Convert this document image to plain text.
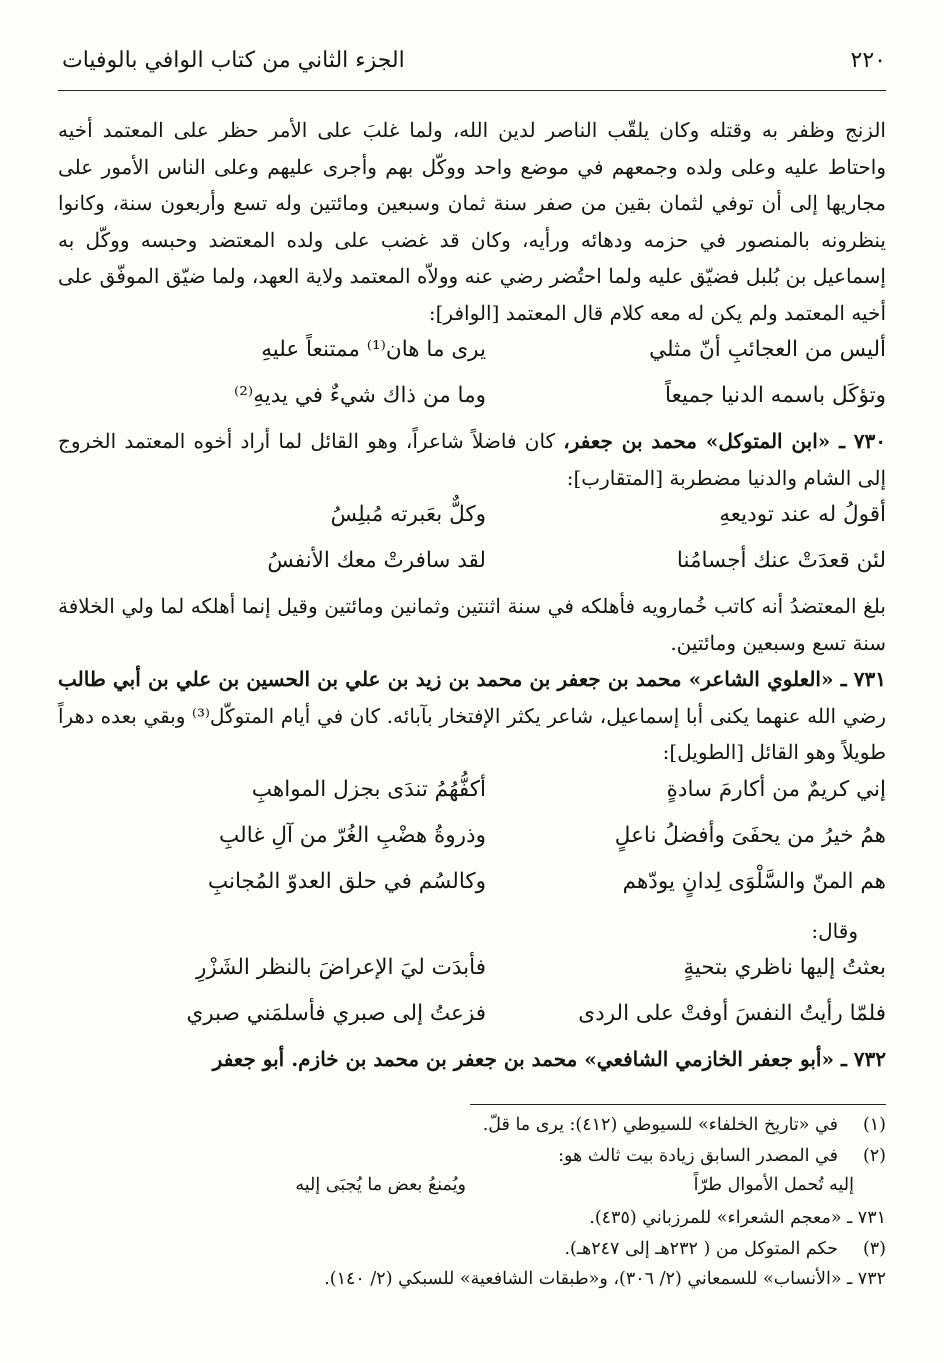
٢٢٠
الجزء الثاني من كتاب الوافي بالوفيات

الزنج وظفر به وقتله وكان يلقّب الناصر لدين الله، ولما غلبَ على الأمر حظر على المعتمد أخيه واحتاط عليه وعلى ولده وجمعهم في موضع واحد ووكّل بهم وأجرى عليهم وعلى الناس الأمور على مجاريها إلى أن توفي لثمان بقين من صفر سنة ثمان وسبعين ومائتين وله تسع وأربعون سنة، وكانوا ينظرونه بالمنصور في حزمه ودهائه ورأيه، وكان قد غضب على ولده المعتضد وحبسه ووكّل به إسماعيل بن بُلبل فضيّق عليه ولما احتُضر رضي عنه وولاّه المعتمد ولاية العهد، ولما ضيّق الموفّق على أخيه المعتمد ولم يكن له معه كلام قال المعتمد [الوافر]:

أليس من العجائبِ أنّ مثلي
يرى ما هان⁽¹⁾ ممتنعاً عليهِ
وتؤكَل باسمه الدنيا جميعاً
وما من ذاك شيءٌ في يديهِ⁽²⁾

٧٣٠ ـ «ابن المتوكل» محمد بن جعفر، كان فاضلاً شاعراً، وهو القائل لما أراد أخوه المعتمد الخروج إلى الشام والدنيا مضطربة [المتقارب]:

أقولُ له عند توديعهِ
وكلٌّ بعَبرته مُبلِسُ
لئن قعدَتْ عنك أجسامُنا
لقد سافرتْ معك الأنفسُ

بلغ المعتضدُ أنه كاتب خُمارويه فأهلكه في سنة اثنتين وثمانين ومائتين وقيل إنما أهلكه لما ولي الخلافة سنة تسع وسبعين ومائتين.

٧٣١ ـ «العلوي الشاعر» محمد بن جعفر بن محمد بن زيد بن علي بن الحسين بن علي بن أبي طالب رضي الله عنهما يكنى أبا إسماعيل، شاعر يكثر الإفتخار بآبائه. كان في أيام المتوكّل⁽³⁾ وبقي بعده دهراً طويلاً وهو القائل [الطويل]:

إني كريمٌ من أكارمَ سادةٍ
أكفُّهُمُ تندَى بجزل المواهبِ
همُ خيرُ من يحفَىَ وأفضلُ ناعلٍ
وذروةُ هضْبِ الغُرّ من آلِ غالبِ
هم المنّ والسَّلْوَى لِدانٍ يودّهم
وكالسُم في حلق العدوّ المُجانبِ
وقال:
بعثتُ إليها ناظري بتحيةٍ
فأبدَت ليَ الإعراضَ بالنظر الشَزْرِ
فلمّا رأيتُ النفسَ أوفتْ على الردى
فزعتُ إلى صبري فأسلمَني صبري

٧٣٢ ـ «أبو جعفر الخازمي الشافعي» محمد بن جعفر بن محمد بن خازم. أبو جعفر

(١)في «تاريخ الخلفاء» للسيوطي (٤١٢): يرى ما قلّ.
(٢)في المصدر السابق زيادة بيت ثالث هو:
إليه تُحمل الأموال طرّاً
ويُمنعُ بعض ما يُجبَى إليه
٧٣١ ـ «معجم الشعراء» للمرزباني (٤٣٥).
(٣)حكم المتوكل من ( ٢٣٢هـ إلى ٢٤٧هـ).
٧٣٢ ـ «الأنساب» للسمعاني (٢/ ٣٠٦)، و«طبقات الشافعية» للسبكي (٢/ ١٤٠).
